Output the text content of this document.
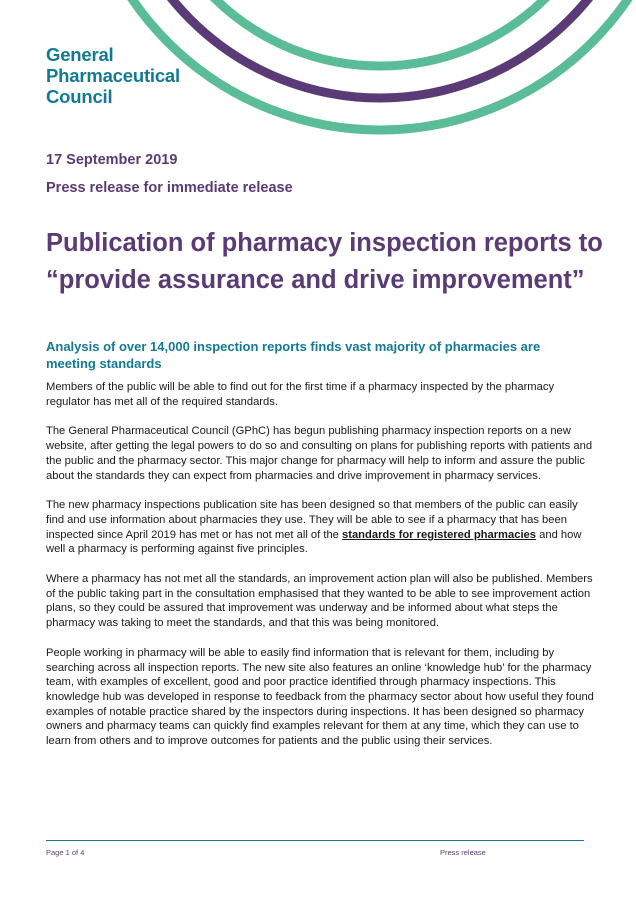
General
Pharmaceutical
Council
17 September 2019
Press release for immediate release
Publication of pharmacy inspection reports to “provide assurance and drive improvement”
Analysis of over 14,000 inspection reports finds vast majority of pharmacies are meeting standards

Members of the public will be able to find out for the first time if a pharmacy inspected by the pharmacy regulator has met all of the required standards.

The General Pharmaceutical Council (GPhC) has begun publishing pharmacy inspection reports on a new website, after getting the legal powers to do so and consulting on plans for publishing reports with patients and the public and the pharmacy sector. This major change for pharmacy will help to inform and assure the public about the standards they can expect from pharmacies and drive improvement in pharmacy services.

The new pharmacy inspections publication site has been designed so that members of the public can easily find and use information about pharmacies they use. They will be able to see if a pharmacy that has been inspected since April 2019 has met or has not met all of the standards for registered pharmacies and how well a pharmacy is performing against five principles.

Where a pharmacy has not met all the standards, an improvement action plan will also be published. Members of the public taking part in the consultation emphasised that they wanted to be able to see improvement action plans, so they could be assured that improvement was underway and be informed about what steps the pharmacy was taking to meet the standards, and that this was being monitored.

People working in pharmacy will be able to easily find information that is relevant for them, including by searching across all inspection reports. The new site also features an online ‘knowledge hub’ for the pharmacy team, with examples of excellent, good and poor practice identified through pharmacy inspections. This knowledge hub was developed in response to feedback from the pharmacy sector about how useful they found examples of notable practice shared by the inspectors during inspections. It has been designed so pharmacy owners and pharmacy teams can quickly find examples relevant for them at any time, which they can use to learn from others and to improve outcomes for patients and the public using their services.

Page 1 of 4	Press release
